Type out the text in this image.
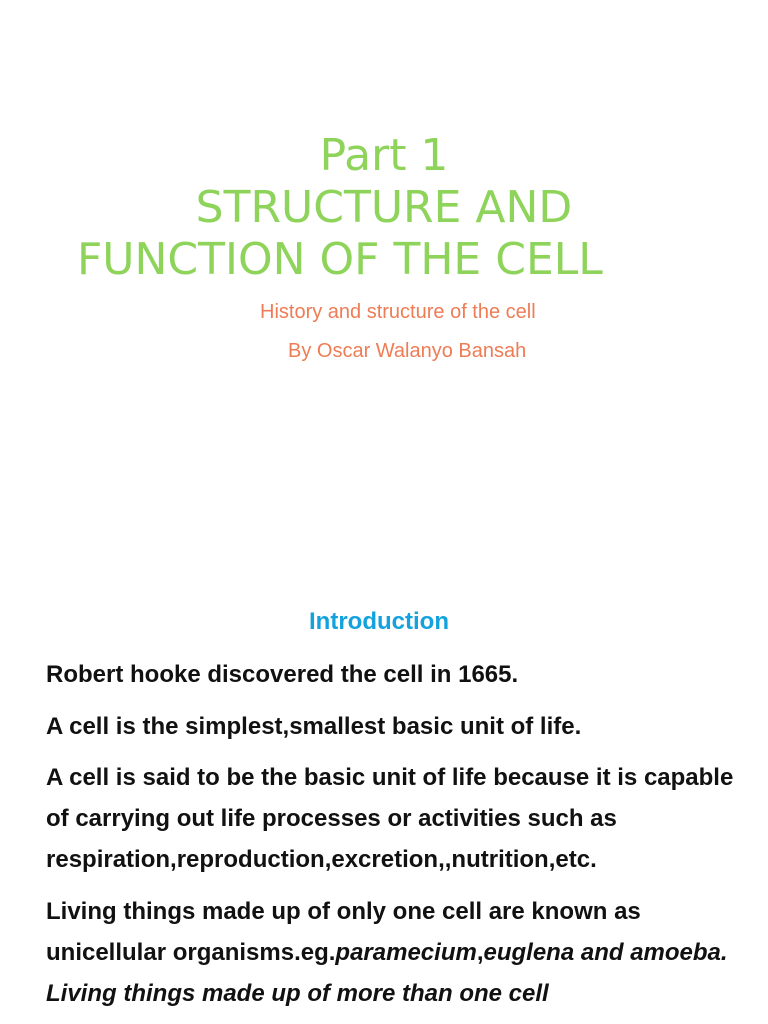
Part 1
STRUCTURE AND
FUNCTION OF THE CELL

History and structure of the cell

By Oscar Walanyo Bansah

Introduction

Robert hooke discovered the cell in 1665.

A cell is the simplest,smallest basic unit of life.

A cell is said to be the basic unit of life because it is capable of carrying out life processes or activities such as respiration,reproduction,excretion,,nutrition,etc.

Living things made up of only one cell are known as unicellular organisms.eg.paramecium,euglena and amoeba. Living things made up of more than one cell
